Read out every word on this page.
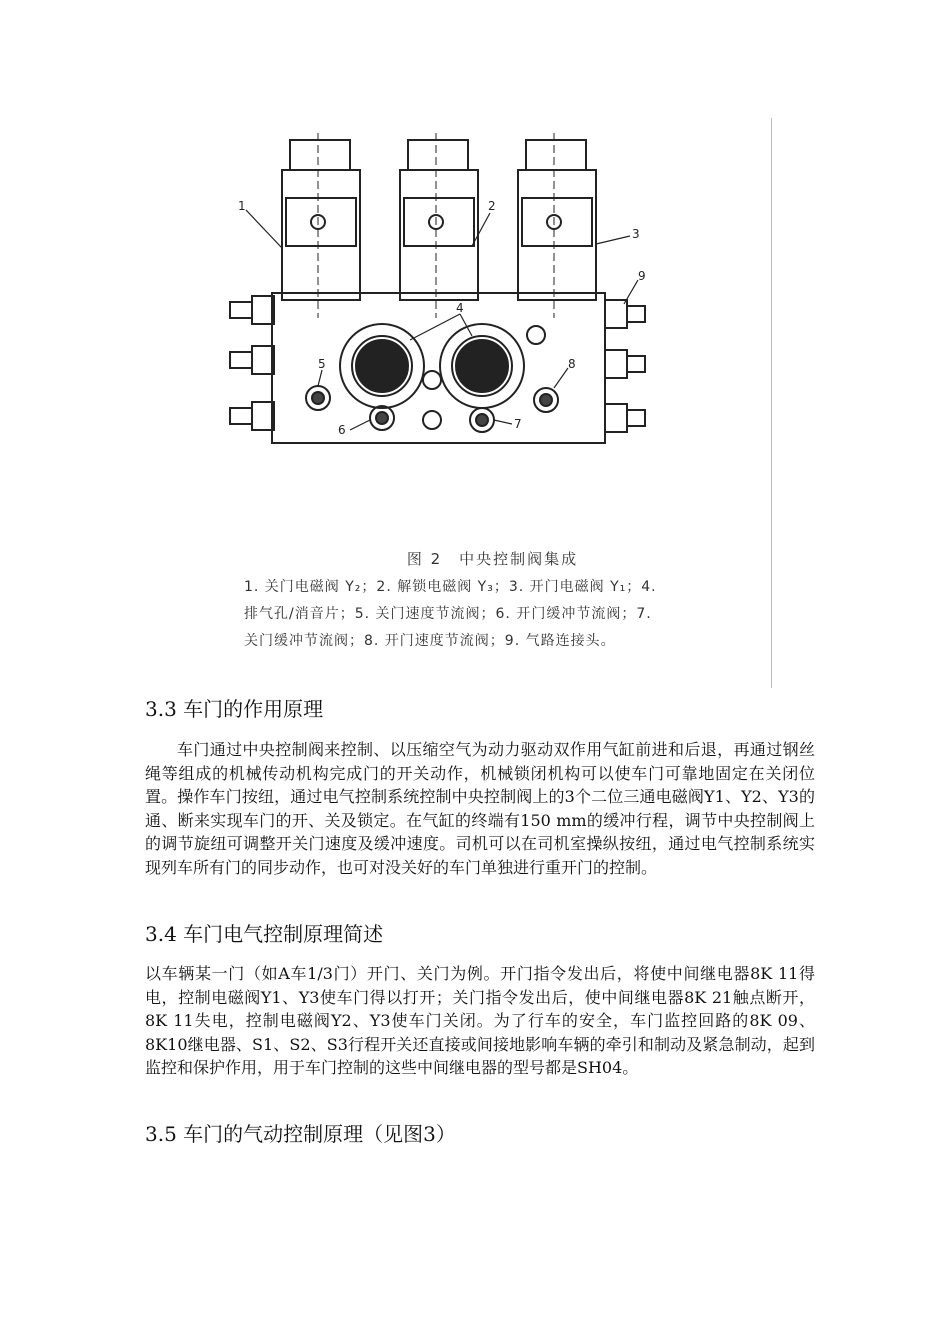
1	2
3
4
5
6	7
8
9
图 2　中央控制阀集成
1. 关门电磁阀 Y₂；2. 解锁电磁阀 Y₃；3. 开门电磁阀 Y₁；4.
排气孔/消音片；5. 关门速度节流阀；6. 开门缓冲节流阀；7.
关门缓冲节流阀；8. 开门速度节流阀；9. 气路连接头。
3.3 车门的作用原理
车门通过中央控制阀来控制、以压缩空气为动力驱动双作用气缸前进和后退，再通过钢丝绳等组成的机械传动机构完成门的开关动作，机械锁闭机构可以使车门可靠地固定在关闭位置。操作车门按纽，通过电气控制系统控制中央控制阀上的3个二位三通电磁阀Y1、Y2、Y3的通、断来实现车门的开、关及锁定。在气缸的终端有150 mm的缓冲行程，调节中央控制阀上的调节旋纽可调整开关门速度及缓冲速度。司机可以在司机室操纵按纽，通过电气控制系统实现列车所有门的同步动作，也可对没关好的车门单独进行重开门的控制。
3.4 车门电气控制原理简述
以车辆某一门（如A车1/3门）开门、关门为例。开门指令发出后，将使中间继电器8K 11得电，控制电磁阀Y1、Y3使车门得以打开；关门指令发出后，使中间继电器8K 21触点断开，8K 11失电，控制电磁阀Y2、Y3使车门关闭。为了行车的安全，车门监控回路的8K 09、8K10继电器、S1、S2、S3行程开关还直接或间接地影响车辆的牵引和制动及紧急制动，起到监控和保护作用，用于车门控制的这些中间继电器的型号都是SH04。
3.5 车门的气动控制原理（见图3）
